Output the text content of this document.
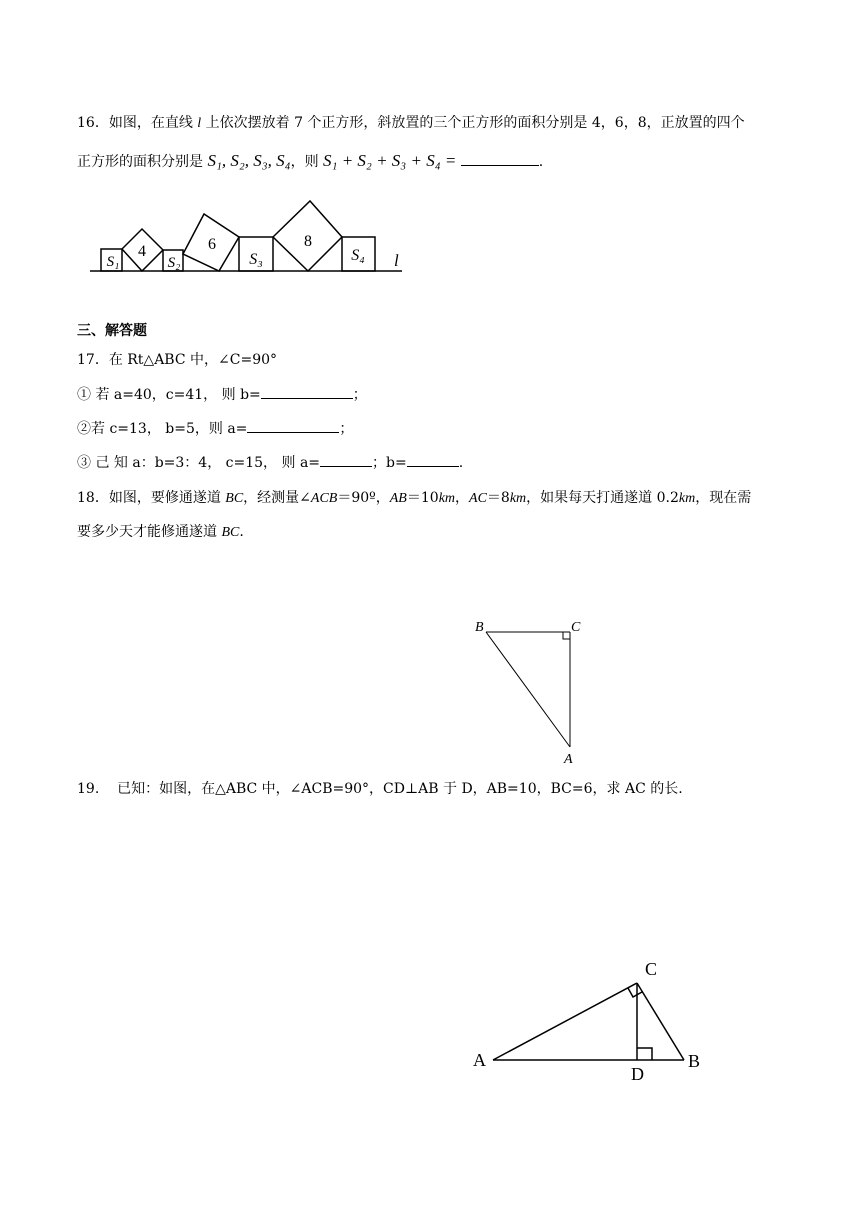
16．如图，在直线 l 上依次摆放着 7 个正方形，斜放置的三个正方形的面积分别是 4，6，8，正放置的四个
正方形的面积分别是 S₁, S₂, S₃, S₄，则 S₁ + S₂ + S₃ + S₄ =	.
4	6	8
S₁	S₂	S₃	S₄ l
三、解答题
17．在 Rt△ABC 中，∠C=90°
① 若 a=40，c=41， 则 b=	；
②若 c=13， b=5，则 a=	；
③ 己 知 a：b=3：4， c=15， 则 a=	；b=	.
18．如图，要修通遂道 BC，经测量∠ACB＝90º，AB＝10km，AC＝8km，如果每天打通遂道 0.2km，现在需
要多少天才能修通遂道 BC.
B	C
A
19.    已知：如图，在△ABC 中，∠ACB=90°，CD⊥AB 于 D，AB=10，BC=6，求 AC 的长.
C
A
D
B
